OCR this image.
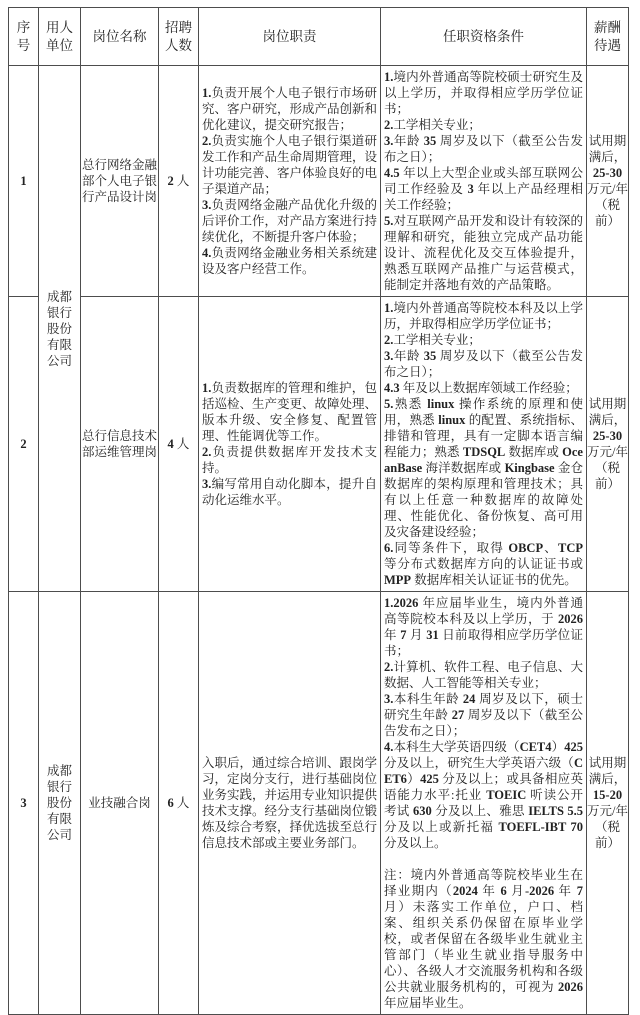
序号	用人单位	岗位名称	招聘人数	岗位职责	任职资格条件	薪酬待遇
1	成都银行股份有限公司	总行网络金融部个人电子银行产品设计岗	2 人	1.负责开展个人电子银行市场研究、客户研究，形成产品创新和优化建议，提交研究报告；
2.负责实施个人电子银行渠道研发工作和产品生命周期管理，设计功能完善、客户体验良好的电子渠道产品；
3.负责网络金融产品优化升级的后评价工作，对产品方案进行持续优化，不断提升客户体验；
4.负责网络金融业务相关系统建设及客户经营工作。	1.境内外普通高等院校硕士研究生及以上学历，并取得相应学历学位证书；
2.工学相关专业；
3.年龄 35 周岁及以下（截至公告发布之日）；
4.5 年以上大型企业或头部互联网公司工作经验及 3 年以上产品经理相关工作经验；
5.对互联网产品开发和设计有较深的理解和研究，能独立完成产品功能设计、流程优化及交互体验提升，熟悉互联网产品推广与运营模式，能制定并落地有效的产品策略。	试用期满后，25-30 万元/年（税前）
2	总行信息技术部运维管理岗	4 人	1.负责数据库的管理和维护，包括巡检、生产变更、故障处理、版本升级、安全修复、配置管理、性能调优等工作。
2.负责提供数据库开发技术支持。
3.编写常用自动化脚本，提升自动化运维水平。	1.境内外普通高等院校本科及以上学历，并取得相应学历学位证书；
2.工学相关专业；
3.年龄 35 周岁及以下（截至公告发布之日）；
4.3 年及以上数据库领域工作经验；
5.熟悉 linux 操作系统的原理和使用，熟悉 linux 的配置、系统指标、排错和管理，具有一定脚本语言编程能力；熟悉 TDSQL 数据库或 OceanBase 海洋数据库或 Kingbase 金仓数据库的架构原理和管理技术；具有以上任意一种数据库的故障处理、性能优化、备份恢复、高可用及灾备建设经验；
6.同等条件下，取得 OBCP、TCP 等分布式数据库方向的认证证书或 MPP 数据库相关认证证书的优先。	试用期满后，25-30 万元/年（税前）
3	成都银行股份有限公司	业技融合岗	6 人	入职后，通过综合培训、跟岗学习，定岗分支行，进行基础岗位业务实践，并运用专业知识提供技术支撑。经分支行基础岗位锻炼及综合考察，择优选拔至总行信息技术部或主要业务部门。	1.2026 年应届毕业生，境内外普通高等院校本科及以上学历，于 2026 年 7 月 31 日前取得相应学历学位证书；
2.计算机、软件工程、电子信息、大数据、人工智能等相关专业；
3.本科生年龄 24 周岁及以下，硕士研究生年龄 27 周岁及以下（截至公告发布之日）；
4.本科生大学英语四级（CET4）425 分及以上，研究生大学英语六级（CET6）425 分及以上；或具备相应英语能力水平:托业 TOEIC 听读公开考试 630 分及以上、雅思 IELTS 5.5 分及以上或新托福 TOEFL-IBT 70 分及以上。

注：境内外普通高等院校毕业生在择业期内（2024 年 6 月-2026 年 7 月）未落实工作单位，户口、档案、组织关系仍保留在原毕业学校，或者保留在各级毕业生就业主管部门（毕业生就业指导服务中心）、各级人才交流服务机构和各级公共就业服务机构的，可视为 2026 年应届毕业生。	试用期满后，15-20 万元/年（税前）
